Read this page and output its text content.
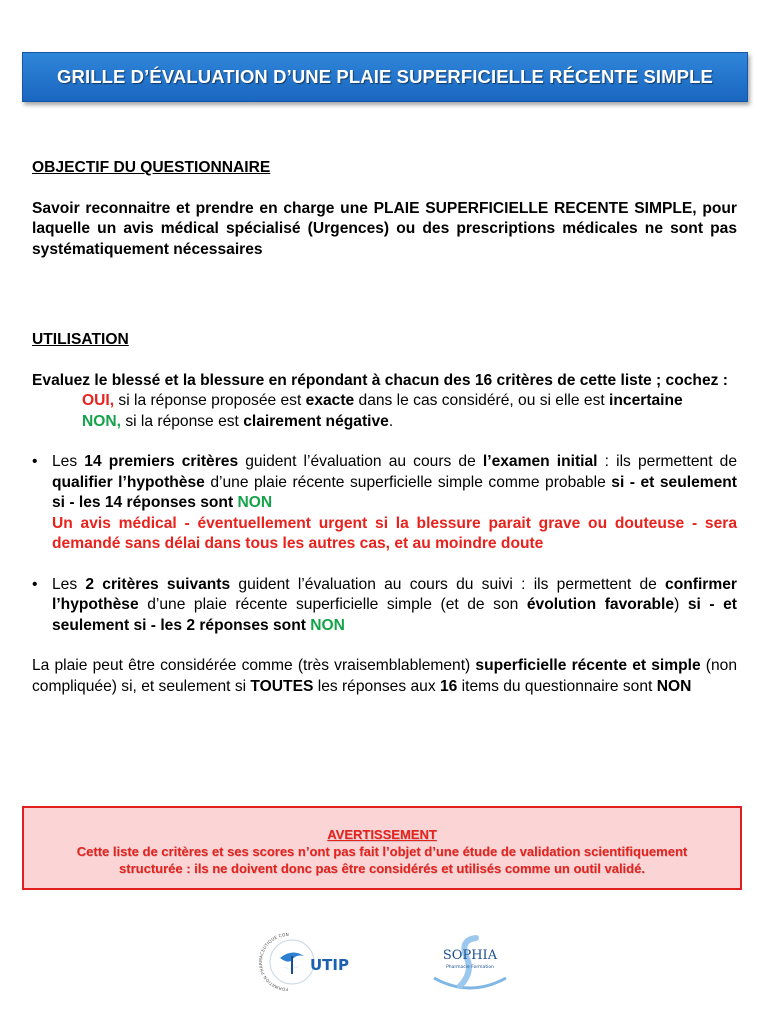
GRILLE D’ÉVALUATION D’UNE PLAIE SUPERFICIELLE RÉCENTE SIMPLE

OBJECTIF DU QUESTIONNAIRE

Savoir reconnaitre et prendre en charge une PLAIE SUPERFICIELLE RECENTE SIMPLE, pour laquelle un avis médical spécialisé (Urgences) ou des prescriptions médicales ne sont pas systématiquement nécessaires

UTILISATION

Evaluez le blessé et la blessure en répondant à chacun des 16 critères de cette liste ; cochez :

OUI, si la réponse proposée est exacte dans le cas considéré, ou si elle est incertaine

NON, si la réponse est clairement négative.

• Les 14 premiers critères guident l’évaluation au cours de l’examen initial : ils permettent de qualifier l’hypothèse d’une plaie récente superficielle simple comme probable si - et seulement si - les 14 réponses sont NON
Un avis médical - éventuellement urgent si la blessure parait grave ou douteuse - sera demandé sans délai dans tous les autres cas, et au moindre doute
• Les 2 critères suivants guident l’évaluation au cours du suivi : ils permettent de confirmer l’hypothèse d’une plaie récente superficielle simple (et de son évolution favorable) si - et seulement si - les 2 réponses sont NON

La plaie peut être considérée comme (très vraisemblablement) superficielle récente et simple (non compliquée) si, et seulement si TOUTES les réponses aux 16 items du questionnaire sont NON

AVERTISSEMENT
Cette liste de critères et ses scores n’ont pas fait l’objet d’une étude de validation scientifiquement structurée : ils ne doivent donc pas être considérés et utilisés comme un outil validé.
FORMATION PHARMACEUTIQUE CON
UTIP
SOPHIA
Pharmacie Formation
